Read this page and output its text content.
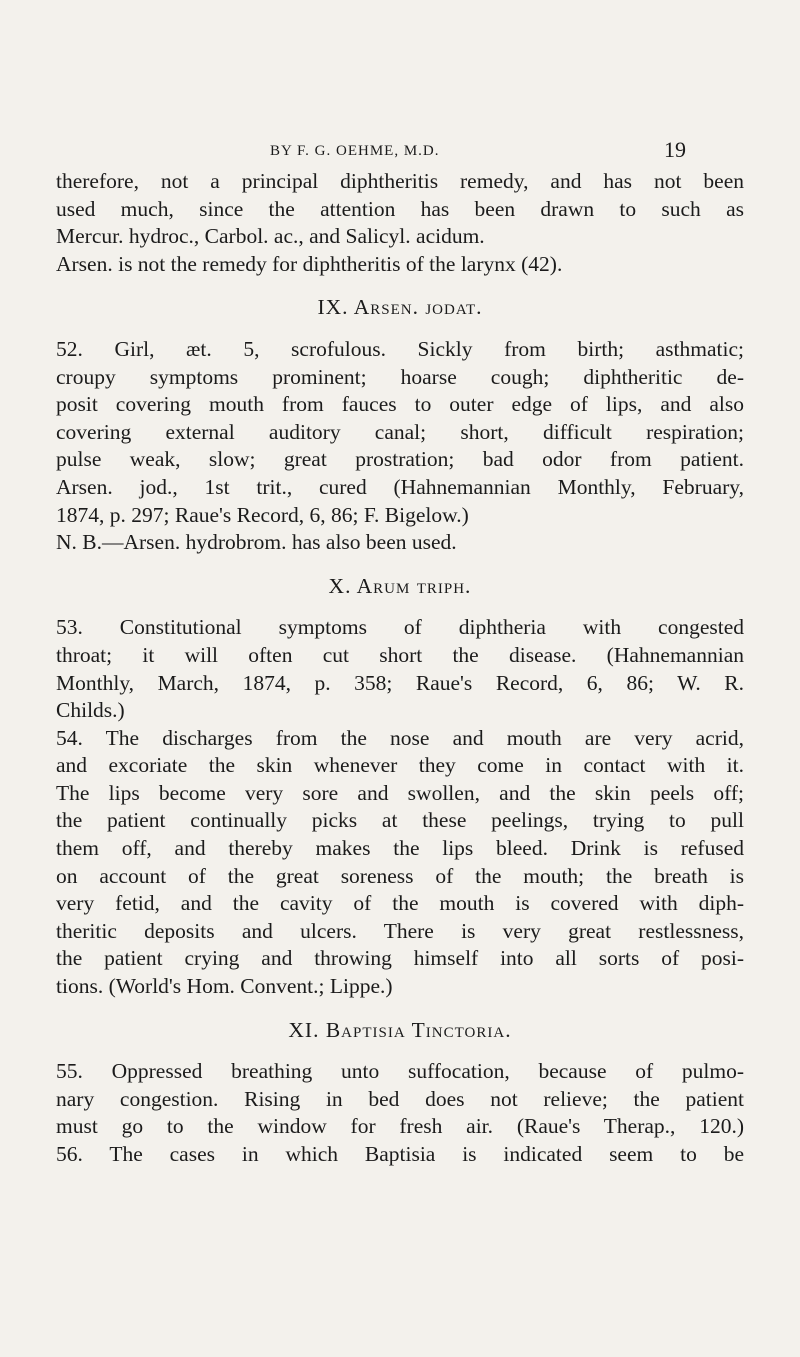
BY F. G. OEHME, M.D.	19
therefore, not a principal diphtheritis remedy, and has not been
used much, since the attention has been drawn to such as
Mercur. hydroc., Carbol. ac., and Salicyl. acidum.
Arsen. is not the remedy for diphtheritis of the larynx (42).
IX. Arsen. jodat.
52. Girl, æt. 5, scrofulous. Sickly from birth; asthmatic;
croupy symptoms prominent; hoarse cough; diphtheritic de-
posit covering mouth from fauces to outer edge of lips, and also
covering external auditory canal; short, difficult respiration;
pulse weak, slow; great prostration; bad odor from patient.
Arsen. jod., 1st trit., cured (Hahnemannian Monthly, February,
1874, p. 297; Raue's Record, 6, 86; F. Bigelow.)
N. B.—Arsen. hydrobrom. has also been used.
X. Arum triph.
53. Constitutional symptoms of diphtheria with congested
throat; it will often cut short the disease. (Hahnemannian
Monthly, March, 1874, p. 358; Raue's Record, 6, 86; W. R.
Childs.)
54. The discharges from the nose and mouth are very acrid,
and excoriate the skin whenever they come in contact with it.
The lips become very sore and swollen, and the skin peels off;
the patient continually picks at these peelings, trying to pull
them off, and thereby makes the lips bleed. Drink is refused
on account of the great soreness of the mouth; the breath is
very fetid, and the cavity of the mouth is covered with diph-
theritic deposits and ulcers. There is very great restlessness,
the patient crying and throwing himself into all sorts of posi-
tions. (World's Hom. Convent.; Lippe.)
XI. Baptisia Tinctoria.
55. Oppressed breathing unto suffocation, because of pulmo-
nary congestion. Rising in bed does not relieve; the patient
must go to the window for fresh air. (Raue's Therap., 120.)
56. The cases in which Baptisia is indicated seem to be
